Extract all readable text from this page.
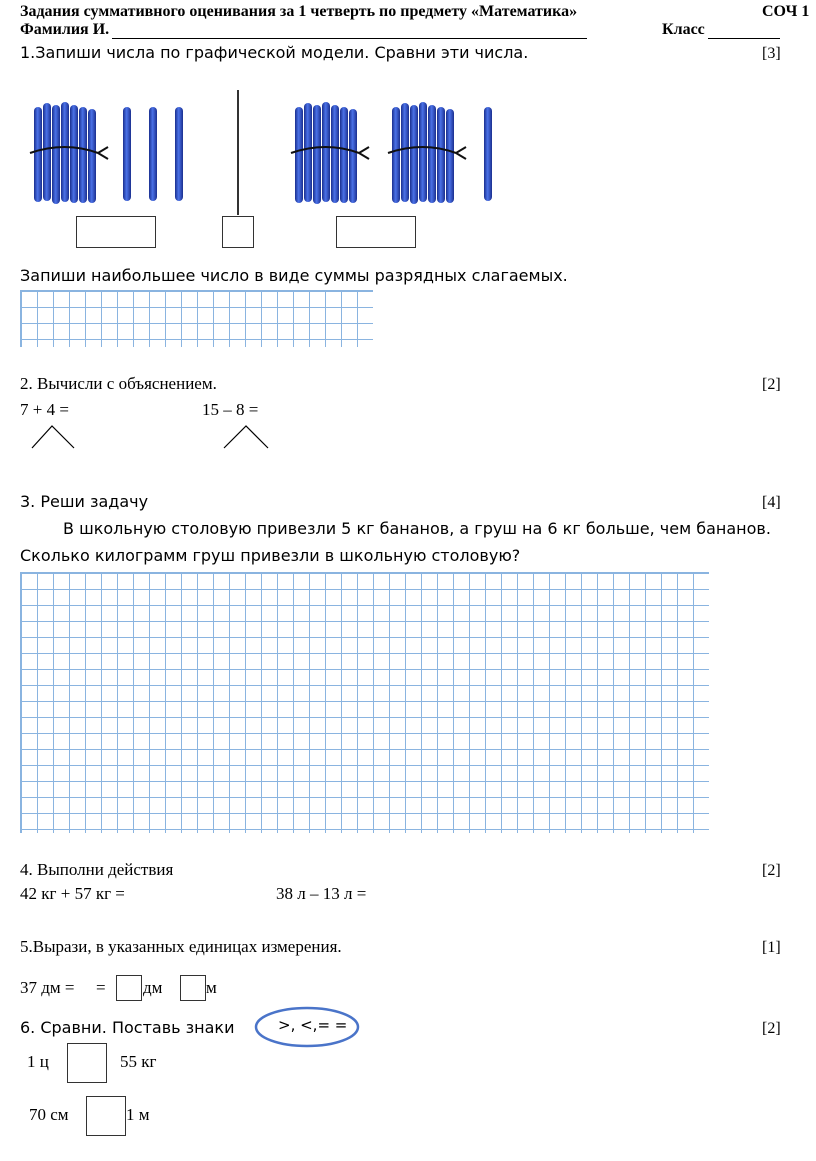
Задания суммативного оценивания за 1 четверть по предмету «Математика»	СОЧ 1
Фамилия И.	Класс
1.Запиши числа по графической модели. Сравни эти числа.	[3]
Запиши наибольшее число в виде суммы разрядных слагаемых.
2. Вычисли с объяснением.	[2]
7 + 4 =	15 – 8 =
3. Реши задачу	[4]
В школьную столовую привезли 5 кг бананов, а груш на 6 кг больше, чем бананов.
Сколько килограмм груш привезли в школьную столовую?
4. Выполни действия	[2]
42 кг + 57 кг =	38 л – 13 л =
5.Вырази, в указанных единицах измерения.	[1]
37 дм = = дм	м
6. Сравни. Поставь знаки	>, <,= =	[2]
1 ц	55 кг
70 см	1 м
